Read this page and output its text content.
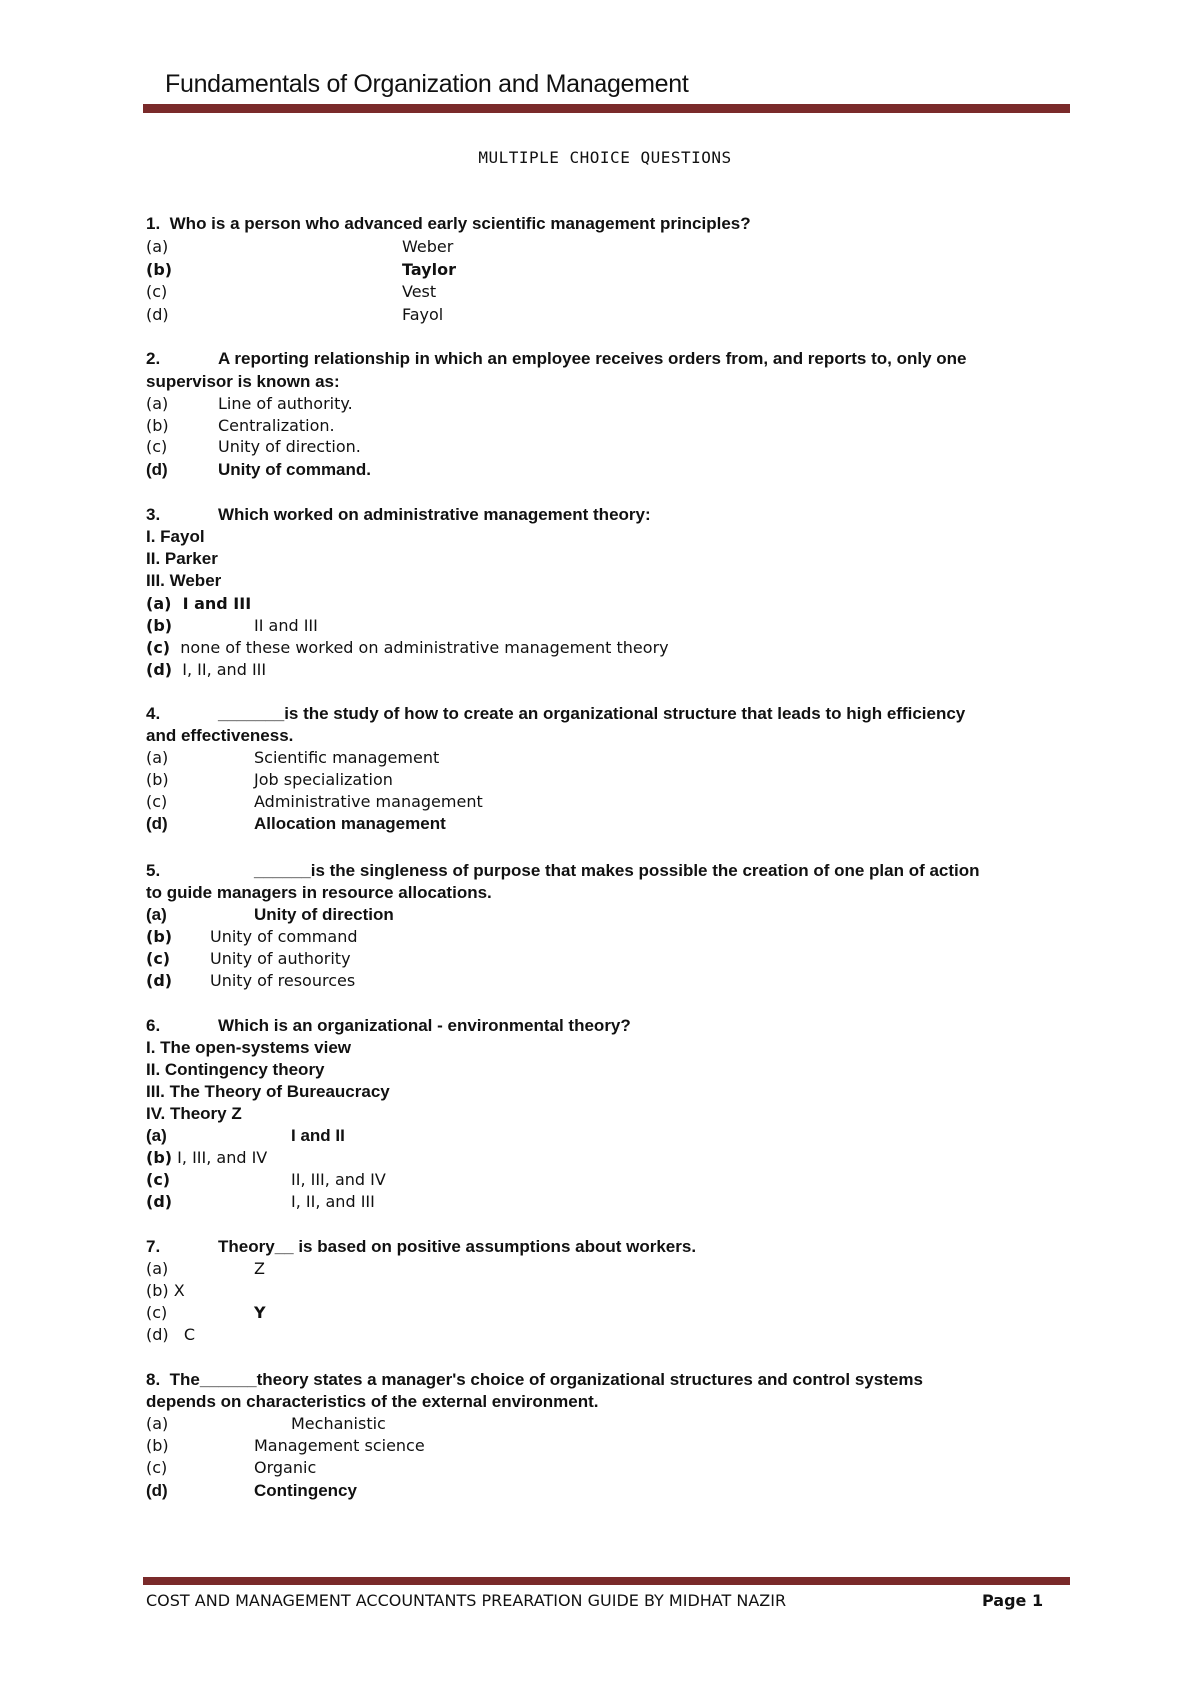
Fundamentals of Organization and Management
MULTIPLE CHOICE QUESTIONS
1. Who is a person who advanced early scientific management principles?
(a)	Weber
(b)	Taylor
(c)	Vest
(d)	Fayol
2.	A reporting relationship in which an employee receives orders from, and reports to, only one
supervisor is known as:
(a)	Line of authority.
(b)	Centralization.
(c)	Unity of direction.
(d)	Unity of command.
3.	Which worked on administrative management theory:
I. Fayol
II. Parker
III. Weber
(a) I and III
(b)	II and III
(c) none of these worked on administrative management theory
(d) I, II, and III
4.	_______is the study of how to create an organizational structure that leads to high efficiency
and effectiveness.
(a)	Scientific management
(b)	Job specialization
(c)	Administrative management
(d)	Allocation management
5.	______is the singleness of purpose that makes possible the creation of one plan of action
to guide managers in resource allocations.
(a)	Unity of direction
(b) Unity of command
(c) Unity of authority
(d) Unity of resources
6.	Which is an organizational - environmental theory?
I. The open-systems view
II. Contingency theory
III. The Theory of Bureaucracy
IV. Theory Z
(a)	I and II
(b) I, III, and IV
(c)	II, III, and IV
(d)	I, II, and III
7.	Theory__ is based on positive assumptions about workers.
(a)	Z
(b) X
(c)	Y
(d) C
8. The______theory states a manager's choice of organizational structures and control systems
depends on characteristics of the external environment.
(a)	Mechanistic
(b)	Management science
(c)	Organic
(d)	Contingency
COST AND MANAGEMENT ACCOUNTANTS PREARATION GUIDE BY MIDHAT NAZIR	Page 1
